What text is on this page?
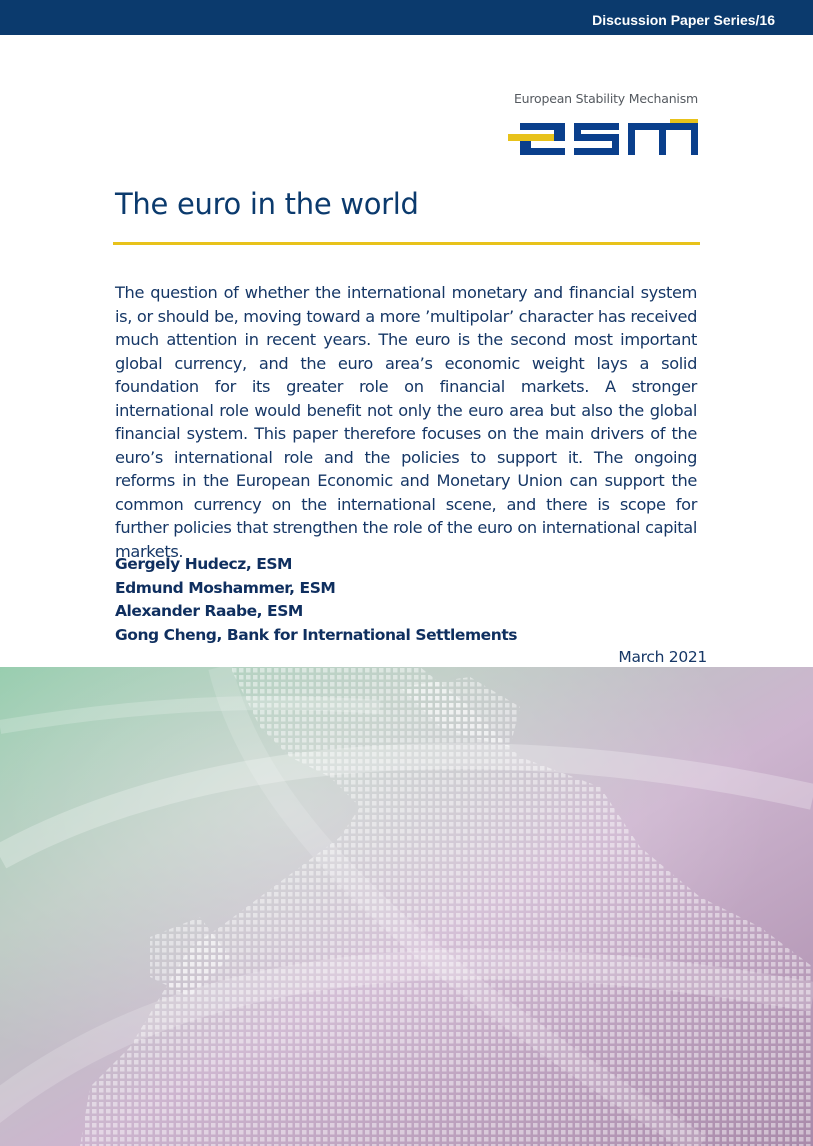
Discussion Paper Series/16
European Stability Mechanism
The euro in the world

The question of whether the international monetary and financial system is, or should be, moving toward a more ’multipolar’ character has received much attention in recent years. The euro is the second most important global currency, and the euro area’s economic weight lays a solid foundation for its greater role on financial markets. A stronger international role would benefit not only the euro area but also the global financial system. This paper therefore focuses on the main drivers of the euro’s international role and the policies to support it. The ongoing reforms in the European Economic and Monetary Union can support the common currency on the international scene, and there is scope for further policies that strengthen the role of the euro on international capital markets.

Gergely Hudecz, ESM
Edmund Moshammer, ESM
Alexander Raabe, ESM
Gong Cheng, Bank for International Settlements
March 2021
